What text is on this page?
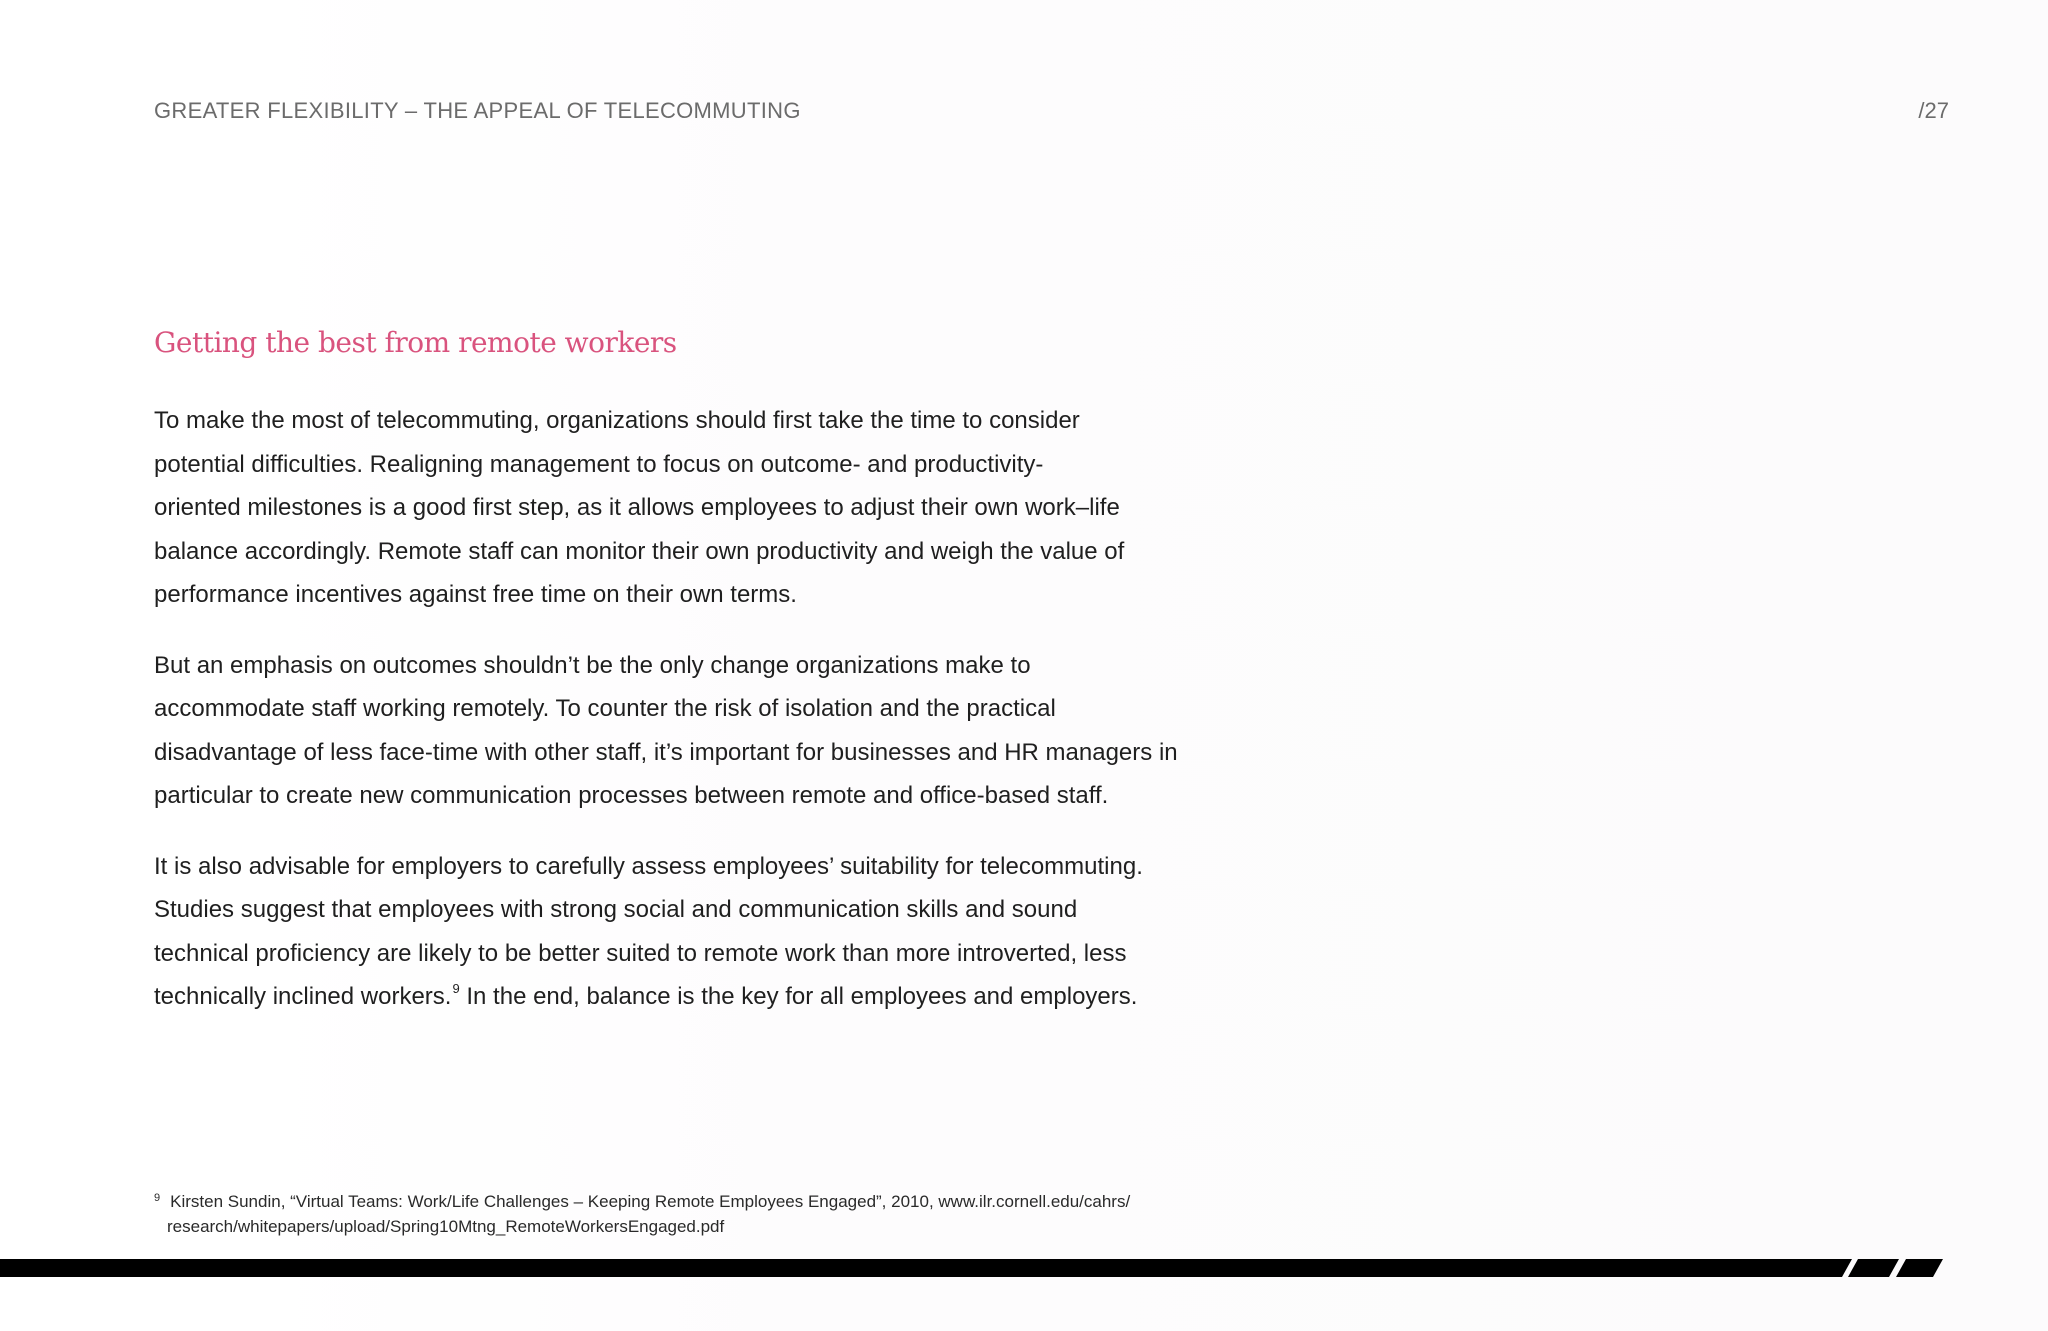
GREATER FLEXIBILITY – THE APPEAL OF TELECOMMUTING	/27
Getting the best from remote workers

To make the most of telecommuting, organizations should first take the time to consider
potential difficulties. Realigning management to focus on outcome- and productivity-
oriented milestones is a good first step, as it allows employees to adjust their own work–life
balance accordingly. Remote staff can monitor their own productivity and weigh the value of
performance incentives against free time on their own terms.

But an emphasis on outcomes shouldn’t be the only change organizations make to
accommodate staff working remotely. To counter the risk of isolation and the practical
disadvantage of less face-time with other staff, it’s important for businesses and HR managers in
particular to create new communication processes between remote and office-based staff.

It is also advisable for employers to carefully assess employees’ suitability for telecommuting.
Studies suggest that employees with strong social and communication skills and sound
technical proficiency are likely to be better suited to remote work than more introverted, less
technically inclined workers.$^9$ In the end, balance is the key for all employees and employers.

$^9$ Kirsten Sundin, “Virtual Teams: Work/Life Challenges – Keeping Remote Employees Engaged”, 2010, www.ilr.cornell.edu/cahrs/
research/whitepapers/upload/Spring10Mtng_RemoteWorkersEngaged.pdf
